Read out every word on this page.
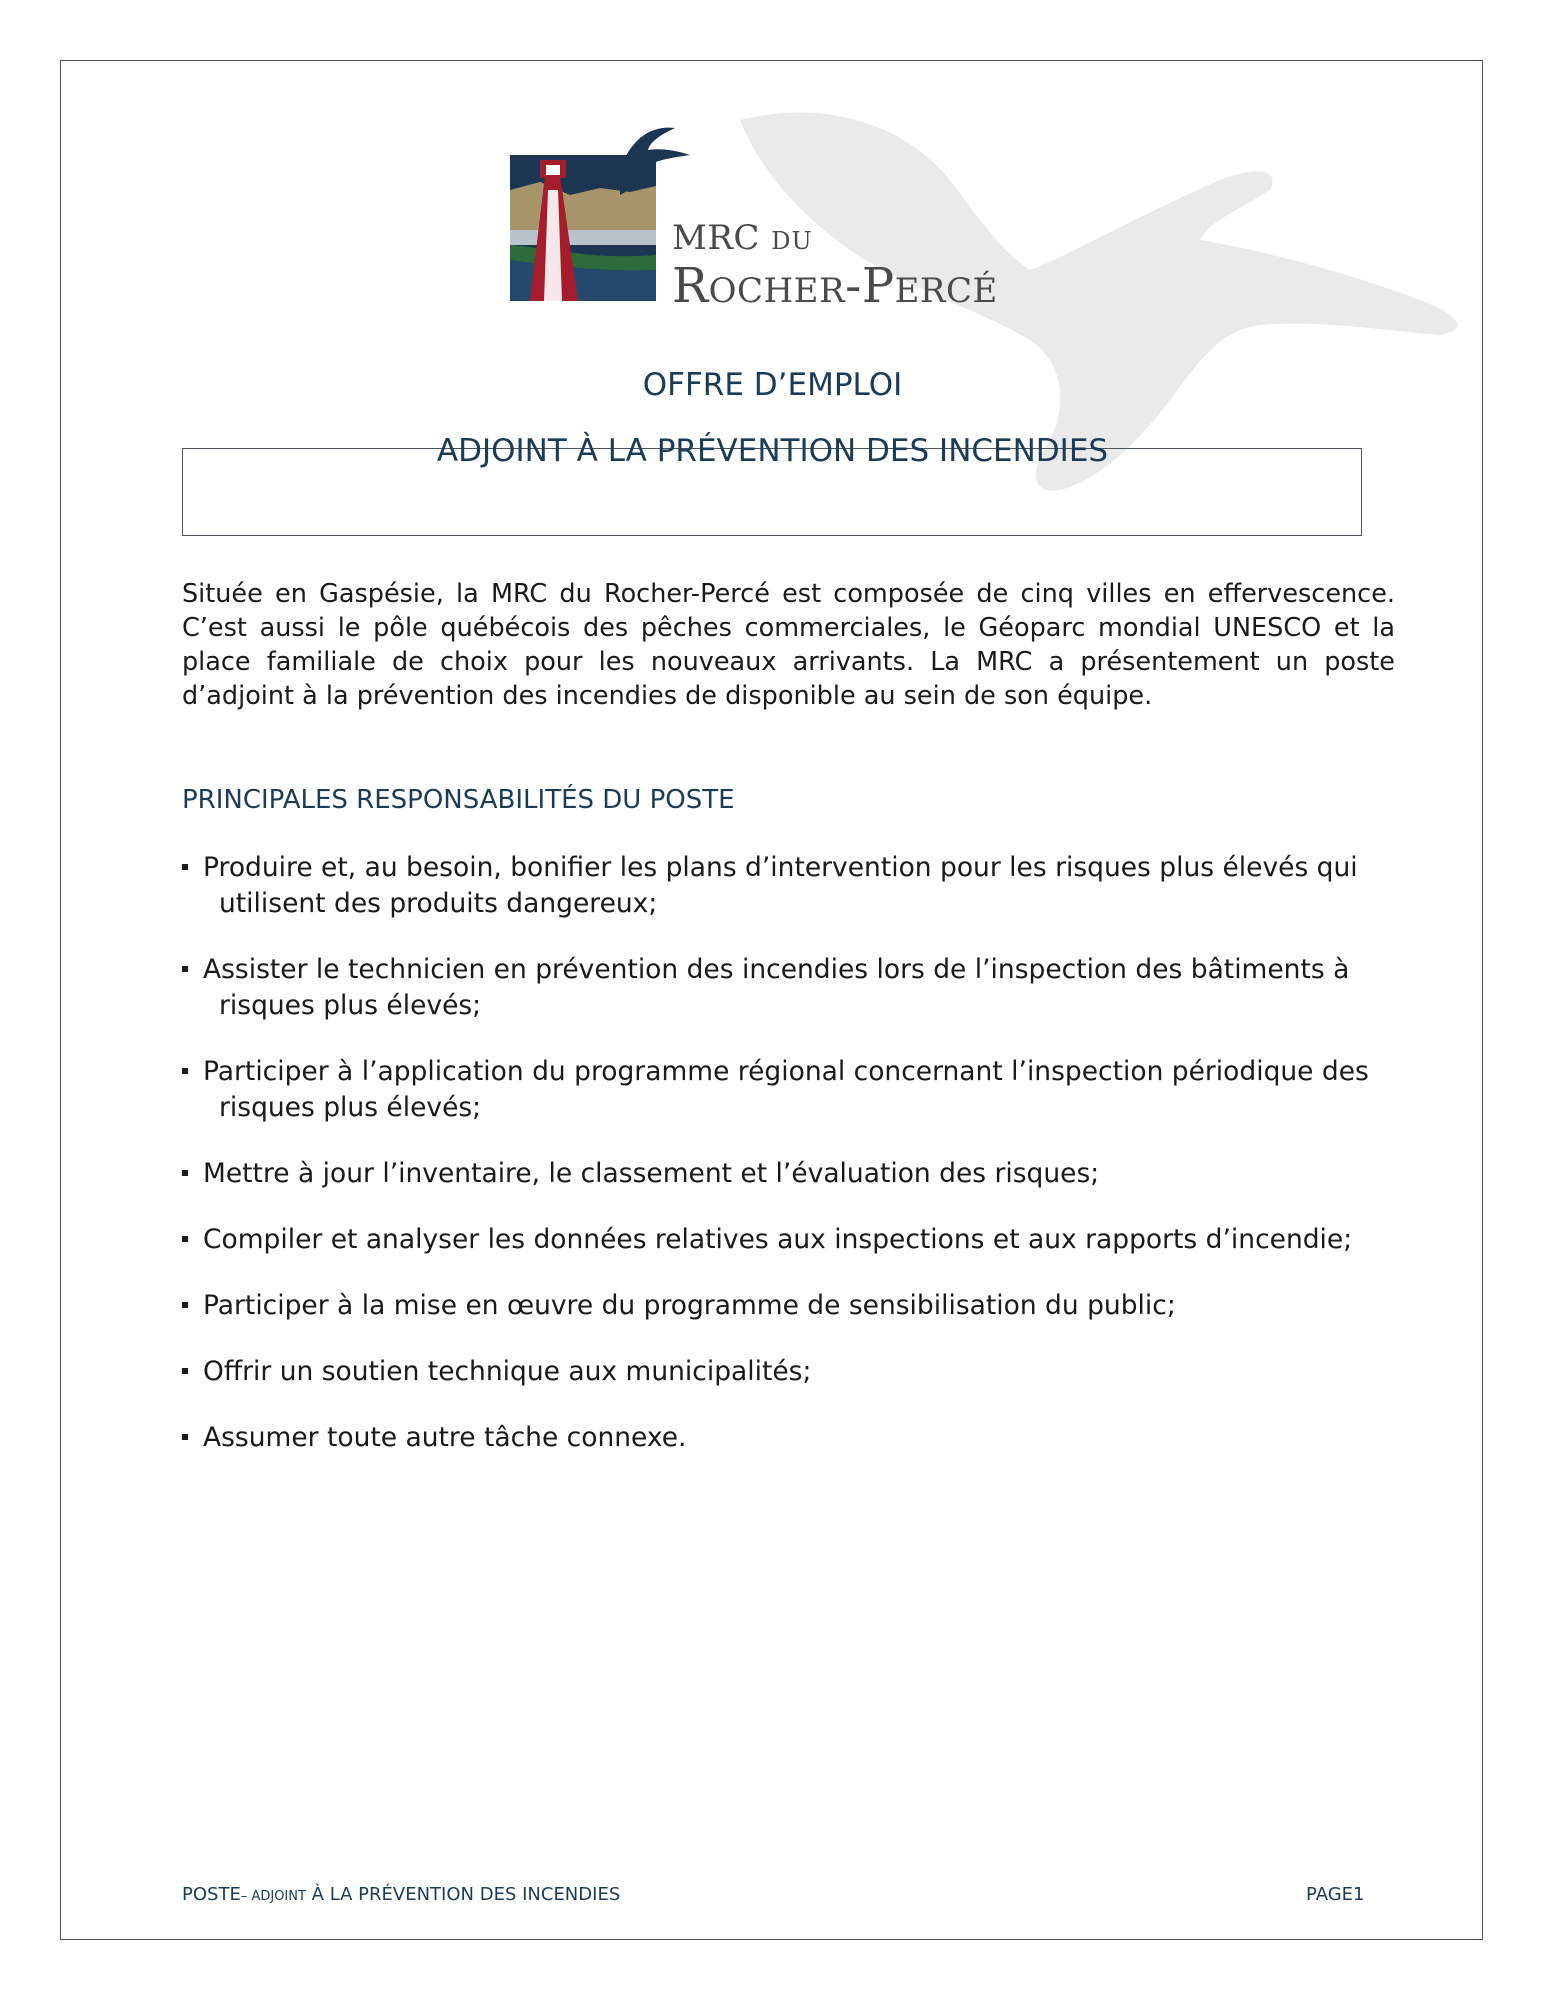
MRC DU
Rocher-Percé
OFFRE D’EMPLOI
ADJOINT À LA PRÉVENTION DES INCENDIES
Située en Gaspésie, la MRC du Rocher-Percé est composée de cinq villes en effervescence. C’est aussi le pôle québécois des pêches commerciales, le Géoparc mondial UNESCO et la place familiale de choix pour les nouveaux arrivants. La MRC a présentement un poste d’adjoint à la prévention des incendies de disponible au sein de son équipe.
PRINCIPALES RESPONSABILITÉS DU POSTE
Produire et, au besoin, bonifier les plans d’intervention pour les risques plus élevés qui utilisent des produits dangereux;
Assister le technicien en prévention des incendies lors de l’inspection des bâtiments à risques plus élevés;
Participer à l’application du programme régional concernant l’inspection périodique des risques plus élevés;
Mettre à jour l’inventaire, le classement et l’évaluation des risques;
Compiler et analyser les données relatives aux inspections et aux rapports d’incendie;
Participer à la mise en œuvre du programme de sensibilisation du public;
Offrir un soutien technique aux municipalités;
Assumer toute autre tâche connexe.
POSTE– ADJOINT À LA PRÉVENTION DES INCENDIES	PAGE1
